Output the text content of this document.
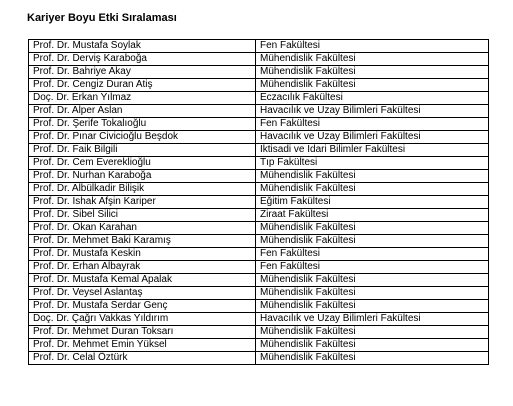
Kariyer Boyu Etki Sıralaması
Prof. Dr. Mustafa Soylak	Fen Fakültesi
Prof. Dr. Derviş Karaboğa	Mühendislik Fakültesi
Prof. Dr. Bahriye Akay	Mühendislik Fakültesi
Prof. Dr. Cengiz Duran Atiş	Mühendislik Fakültesi
Doç. Dr. Erkan Yılmaz	Eczacılık Fakültesi
Prof. Dr. Alper Aslan	Havacılık ve Uzay Bilimleri Fakültesi
Prof. Dr. Şerife Tokalıoğlu	Fen Fakültesi
Prof. Dr. Pınar Civicioğlu Beşdok	Havacılık ve Uzay Bilimleri Fakültesi
Prof. Dr. Faik Bilgili	İktisadi ve İdari Bilimler Fakültesi
Prof. Dr. Cem Evereklioğlu	Tıp Fakültesi
Prof. Dr. Nurhan Karaboğa	Mühendislik Fakültesi
Prof. Dr. Albülkadir Bilişik	Mühendislik Fakültesi
Prof. Dr. İshak Afşin Kariper	Eğitim Fakültesi
Prof. Dr. Sibel Silici	Ziraat Fakültesi
Prof. Dr. Okan Karahan	Mühendislik Fakültesi
Prof. Dr. Mehmet Baki Karamış	Mühendislik Fakültesi
Prof. Dr. Mustafa Keskin	Fen Fakültesi
Prof. Dr. Erhan Albayrak	Fen Fakültesi
Prof. Dr. Mustafa Kemal Apalak	Mühendislik Fakültesi
Prof. Dr. Veysel Aslantaş	Mühendislik Fakültesi
Prof. Dr. Mustafa Serdar Genç	Mühendislik Fakültesi
Doç. Dr. Çağrı Vakkas Yıldırım	Havacılık ve Uzay Bilimleri Fakültesi
Prof. Dr. Mehmet Duran Toksarı	Mühendislik Fakültesi
Prof. Dr. Mehmet Emin Yüksel	Mühendislik Fakültesi
Prof. Dr. Celal Öztürk	Mühendislik Fakültesi
